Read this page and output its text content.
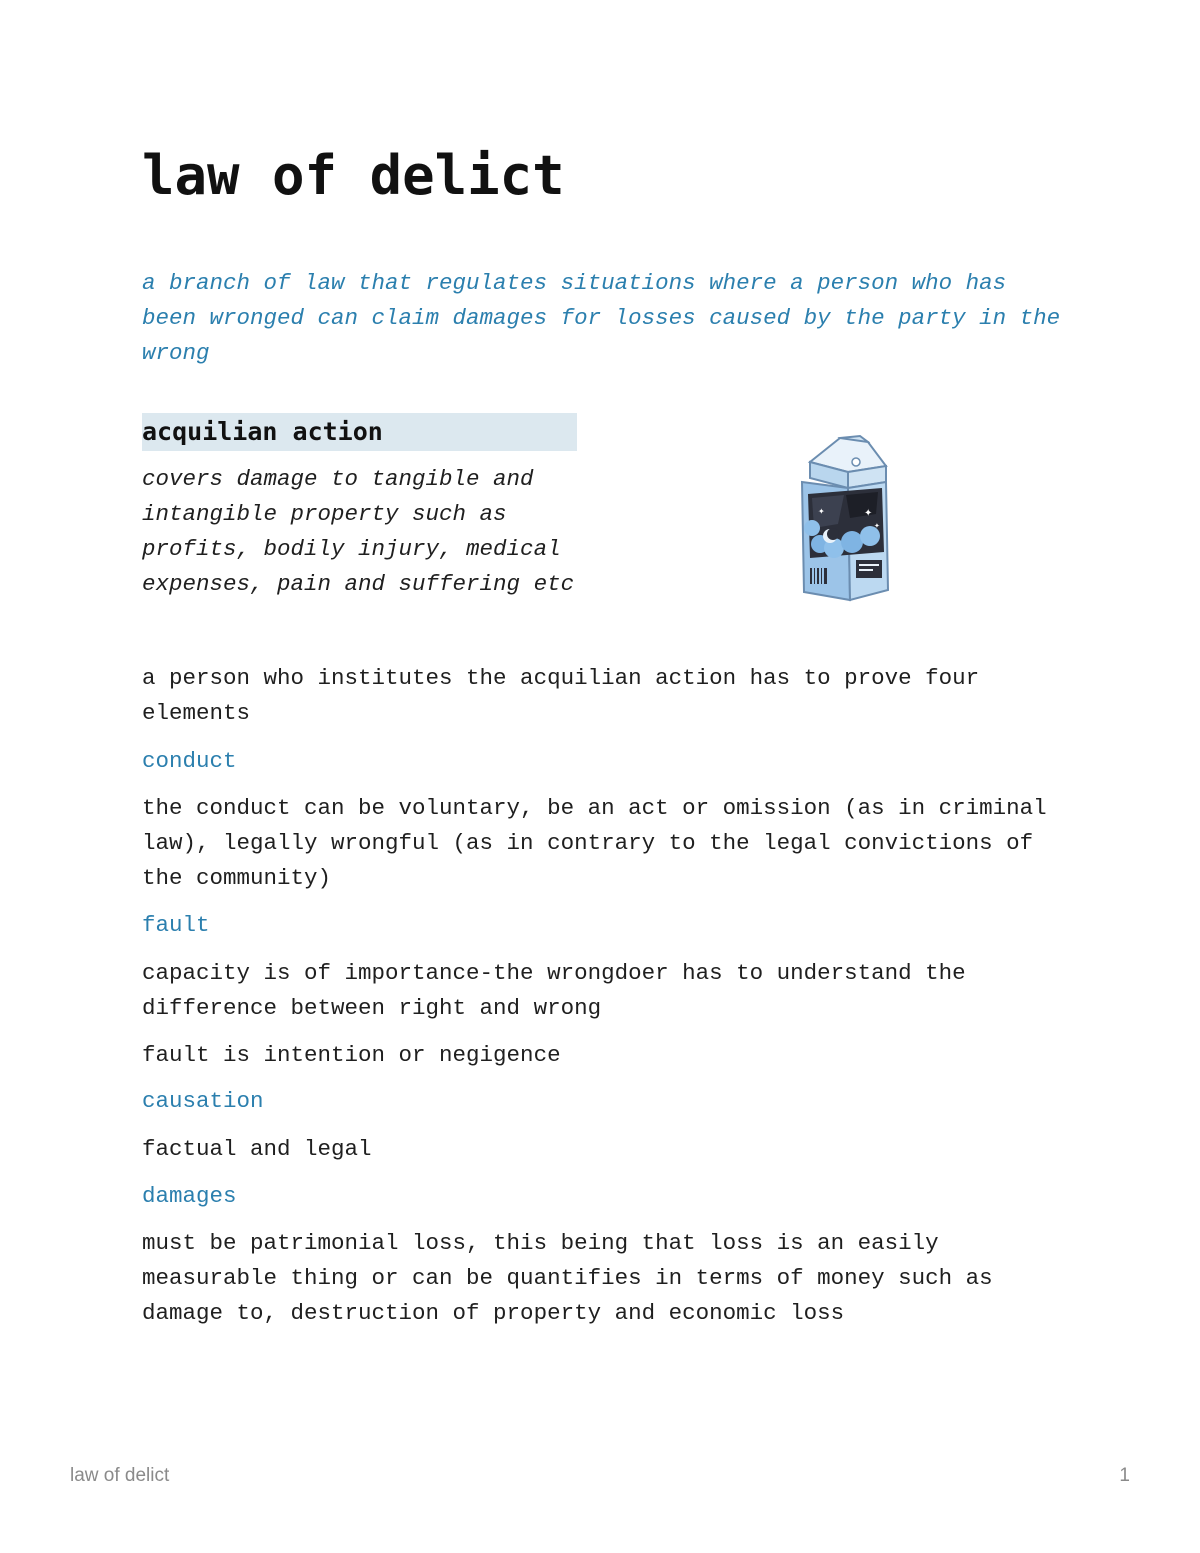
law of delict

a branch of law that regulates situations where a person who has been wronged can claim damages for losses caused by the party in the wrong

acquilian action

covers damage to tangible and intangible property such as profits, bodily injury, medical expenses, pain and suffering etc

✦
✦
✦

a person who institutes the acquilian action has to prove four elements

conduct

the conduct can be voluntary, be an act or omission (as in criminal law), legally wrongful (as in contrary to the legal convictions of the community)

fault

capacity is of importance-the wrongdoer has to understand the difference between right and wrong

fault is intention or negigence

causation

factual and legal

damages

must be patrimonial loss, this being that loss is an easily measurable thing or can be quantifies in terms of money such as damage to, destruction of property and economic loss

law of delict	1
